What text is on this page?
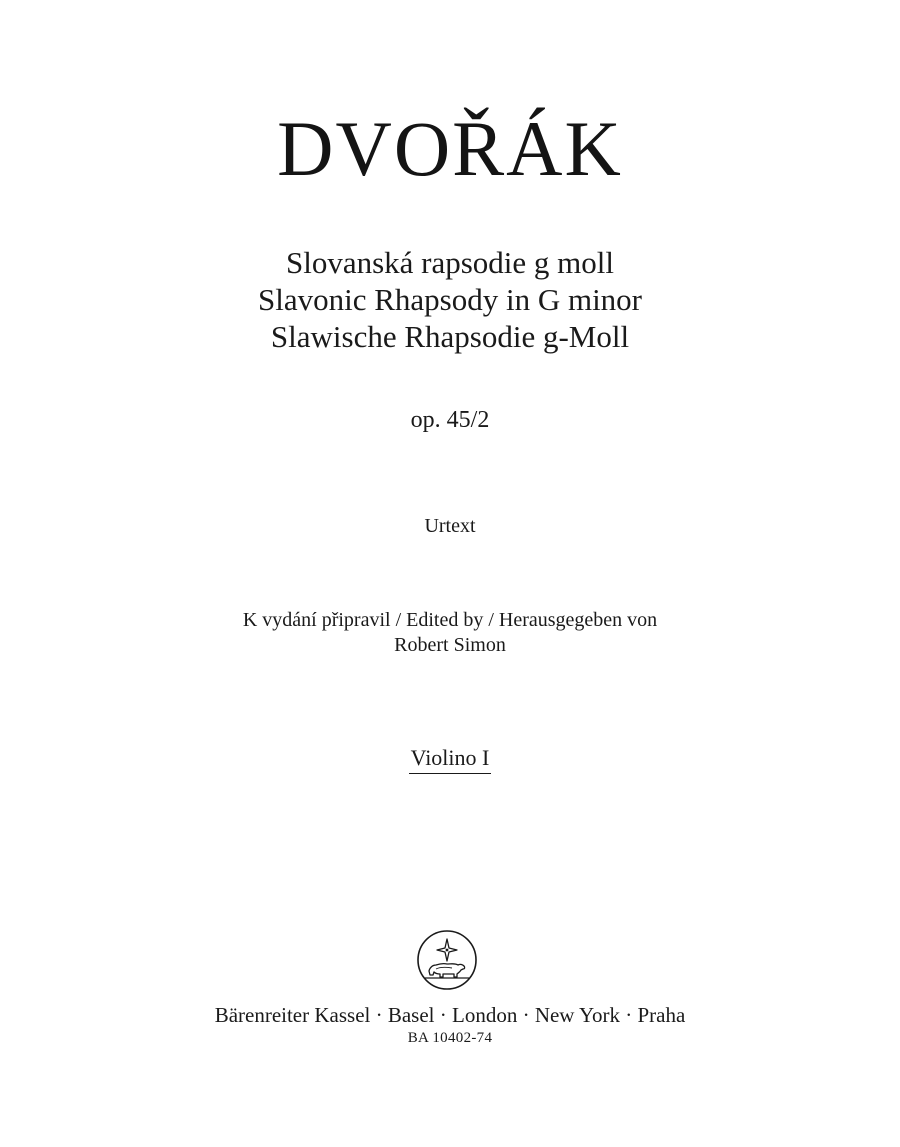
DVOŘÁK
Slovanská rapsodie g moll
Slavonic Rhapsody in G minor
Slawische Rhapsodie g-Moll
op. 45/2
Urtext
K vydání připravil / Edited by / Herausgegeben von
Robert Simon
Violino I
Bärenreiter Kassel · Basel · London · New York · Praha
BA 10402-74
